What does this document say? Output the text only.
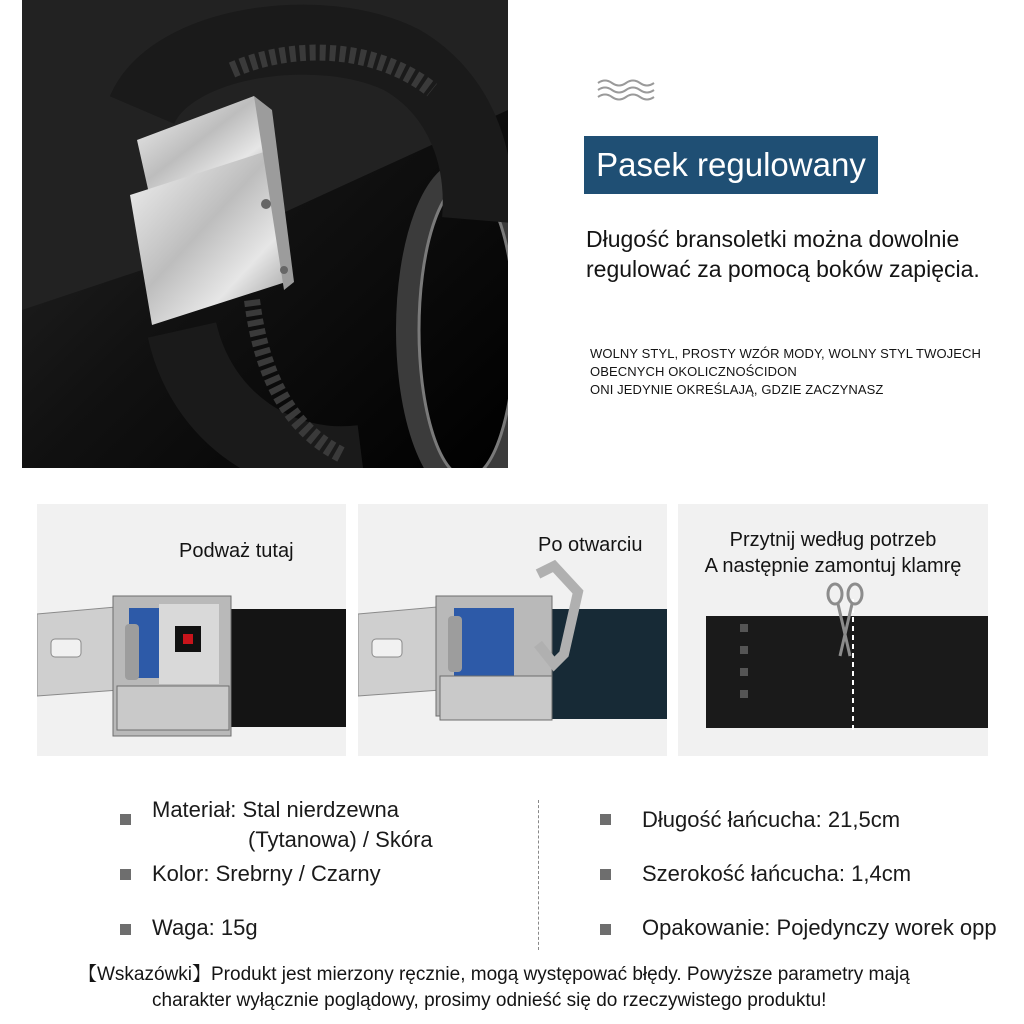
Pasek regulowany
Długość bransoletki można dowolnie
regulować za pomocą boków zapięcia.
WOLNY STYL, PROSTY WZÓR MODY, WOLNY STYL TWOJECH
OBECNYCH OKOLICZNOŚCIDON
ONI JEDYNIE OKREŚLAJĄ, GDZIE ZACZYNASZ
Podważ tutaj	Po otwarciu	Przytnij według potrzeb
A następnie zamontuj klamrę
Materiał: Stal nierdzewna
(Tytanowa) / Skóra
Kolor: Srebrny / Czarny
Waga: 15g
Długość łańcucha: 21,5cm
Szerokość łańcucha: 1,4cm
Opakowanie: Pojedynczy worek opp
【Wskazówki】Produkt jest mierzony ręcznie, mogą występować błędy. Powyższe parametry mają
charakter wyłącznie poglądowy, prosimy odnieść się do rzeczywistego produktu!
